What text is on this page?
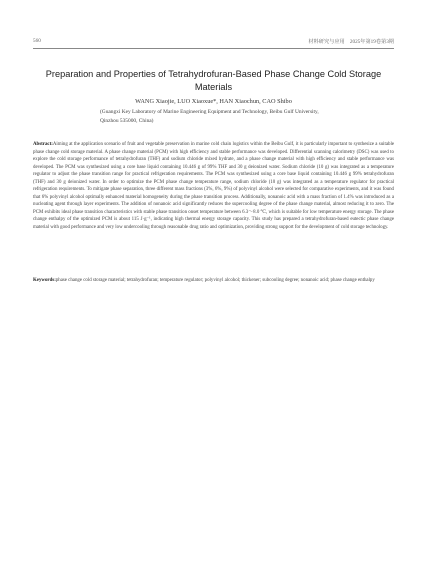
560	材料研究与应用　2025年第19卷第3期
Preparation and Properties of Tetrahydrofuran-Based Phase Change Cold Storage Materials
WANG Xiaojie, LUO Xiaoxue*, HAN Xiaochun, CAO Shibo
(Guangxi Key Laboratory of Marine Engineering Equipment and Technology, Beibu Gulf University, Qinzhou 535000, China)

Abstract:Aiming at the application scenario of fruit and vegetable preservation in marine cold chain logistics within the Beibu Gulf, it is particularly important to synthesize a suitable phase change cold storage material. A phase change material (PCM) with high efficiency and stable performance was developed. Differential scanning calorimetry (DSC) was used to explore the cold storage performance of tetrahydrofuran (THF) and sodium chloride mixed hydrate, and a phase change material with high efficiency and stable performance was developed. The PCM was synthesized using a core base liquid containing 10.446 g of 99% THF and 30 g deionized water. Sodium chloride (10 g) was integrated as a temperature regulator to adjust the phase transition range for practical refrigeration requirements. The PCM was synthesized using a core base liquid containing 10.446 g 99% tetrahydrofuran (THF) and 30 g deionized water. In order to optimize the PCM phase change temperature range, sodium chloride (10 g) was integrated as a temperature regulator for practical refrigeration requirements. To mitigate phase separation, three different mass fractions (3%, 6%, 9%) of polyvinyl alcohol were selected for comparative experiments, and it was found that 6% polyvinyl alcohol optimally enhanced material homogeneity during the phase transition process. Additionally, nonanoic acid with a mass fraction of 1.4% was introduced as a nucleating agent through layer experiments. The addition of nonanoic acid significantly reduces the supercooling degree of the phase change material, almost reducing it to zero. The PCM exhibits ideal phase transition characteristics with stable phase transition onset temperature between 6.3～8.0 ℃, which is suitable for low temperature energy storage. The phase change enthalpy of the optimized PCM is about 115 J·g⁻¹, indicating high thermal energy storage capacity. This study has prepared a tetrahydrofuran-based eutectic phase change material with good performance and very low undercooling through reasonable drug ratio and optimization, providing strong support for the development of cold storage technology.

Keywords:phase change cold storage material; tetrahydrofuran; temperature regulator; polyvinyl alcohol; thickener; subcooling degree; nonanoic acid; phase change enthalpy
